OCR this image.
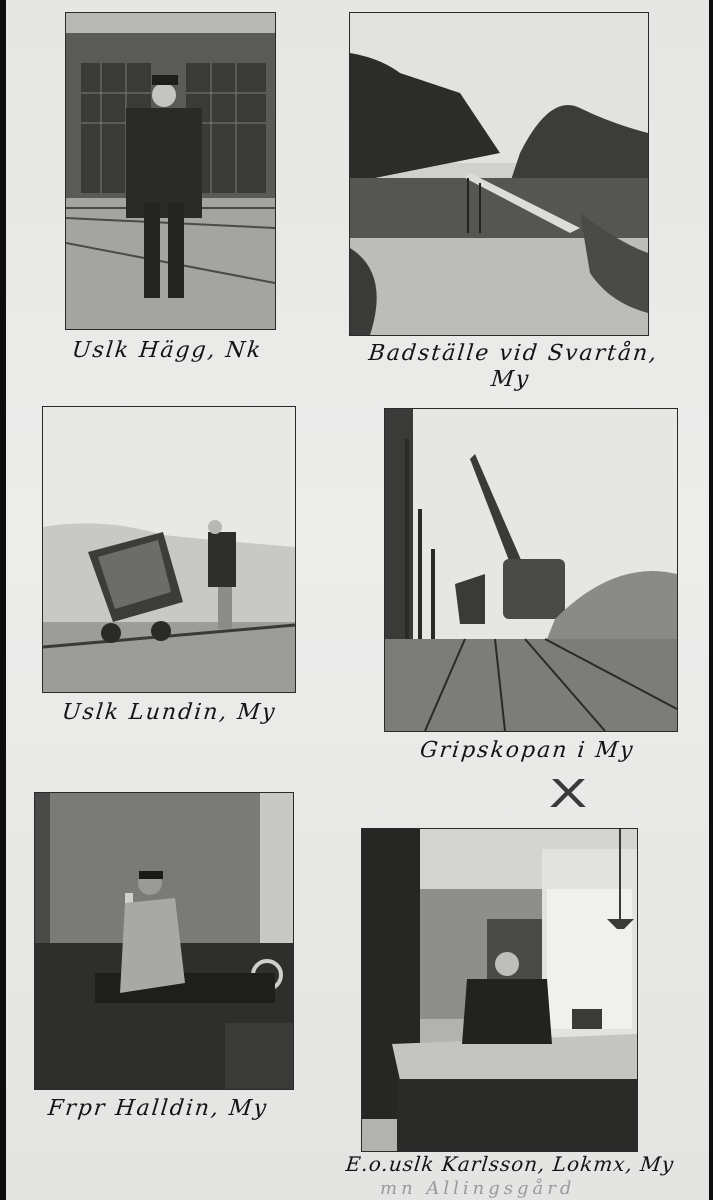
Uslk Hägg, Nk	Badställe vid Svartån,
My
Uslk Lundin, My
Gripskopan i My
X
Frpr Halldin, My
E.o.uslk Karlsson, Lokmx, My
mn Allingsgård
